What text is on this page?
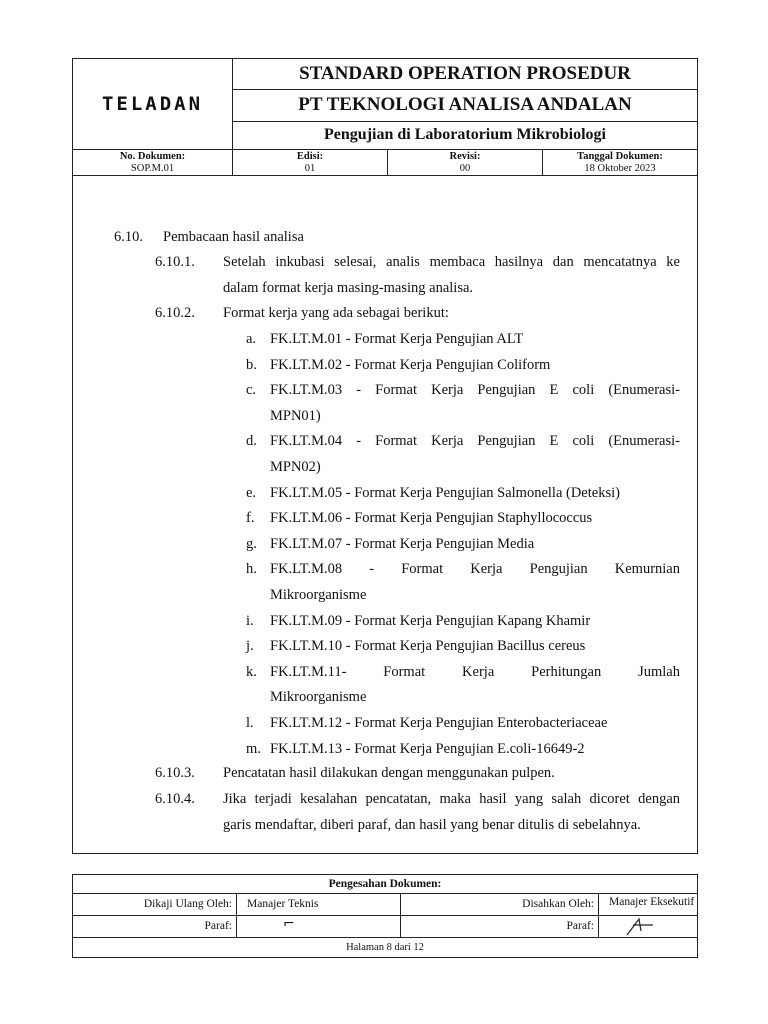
TELADAN
STANDARD OPERATION PROSEDUR
PT TEKNOLOGI ANALISA ANDALAN
Pengujian di Laboratorium Mikrobiologi
No. Dokumen:
SOP.M.01
Edisi:
01
Revisi:
00
Tanggal Dokumen:
18 Oktober 2023
6.10. Pembacaan hasil analisa
6.10.1. Setelah inkubasi selesai, analis membaca hasilnya dan mencatatnya ke
dalam format kerja masing-masing analisa.
6.10.2. Format kerja yang ada sebagai berikut:
a. FK.LT.M.01 - Format Kerja Pengujian ALT
b. FK.LT.M.02 - Format Kerja Pengujian Coliform
c. FK.LT.M.03 - Format Kerja Pengujian E coli (Enumerasi-
MPN01)
d. FK.LT.M.04 - Format Kerja Pengujian E coli (Enumerasi-
MPN02)
e. FK.LT.M.05 - Format Kerja Pengujian Salmonella (Deteksi)
f. FK.LT.M.06 - Format Kerja Pengujian Staphyllococcus
g. FK.LT.M.07 - Format Kerja Pengujian Media
h. FK.LT.M.08 - Format Kerja Pengujian Kemurnian
Mikroorganisme
i. FK.LT.M.09 - Format Kerja Pengujian Kapang Khamir
j. FK.LT.M.10 - Format Kerja Pengujian Bacillus cereus
k. FK.LT.M.11- Format Kerja Perhitungan Jumlah
Mikroorganisme
l. FK.LT.M.12 - Format Kerja Pengujian Enterobacteriaceae
m. FK.LT.M.13 - Format Kerja Pengujian E.coli-16649-2
6.10.3. Pencatatan hasil dilakukan dengan menggunakan pulpen.
6.10.4. Jika terjadi kesalahan pencatatan, maka hasil yang salah dicoret dengan
garis mendaftar, diberi paraf, dan hasil yang benar ditulis di sebelahnya.
Pengesahan Dokumen:
Dikaji Ulang Oleh:	Manajer Teknis	Disahkan Oleh:	Manajer Eksekutif
Paraf:	⌐	Paraf:
Halaman 8 dari 12
